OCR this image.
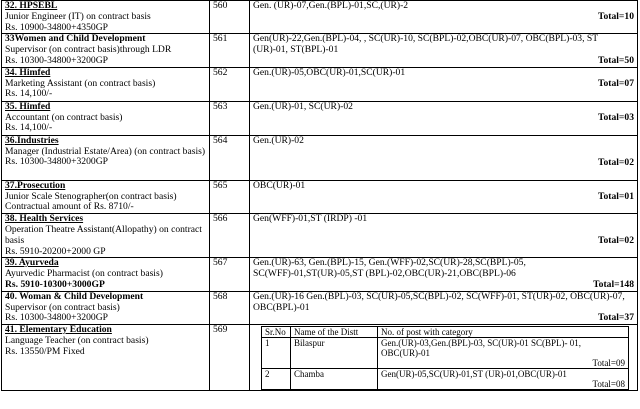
32. HPSEBL
Junior Engineer (IT) on contract basis
Rs. 10900-34800+4350GP
	560	Gen. (UR)-07,Gen.(BPL)-01,SC,(UR)-2
Total=10

33Women and Child Development
Supervisor (on contract basis)through LDR
Rs. 10300-34800+3200GP
	561	Gen(UR)-22,Gen.(BPL)-04, , SC(UR)-10, SC(BPL)-02,OBC(UR)-07, OBC(BPL)-03, ST (UR)-01, ST(BPL)-01
Total=50

34. Himfed
Marketing Assistant (on contract basis)
Rs. 14,100/-
	562	Gen.(UR)-05,OBC(UR)-01,SC(UR)-01
Total=07

35. Himfed
Accountant (on contract basis)
Rs. 14,100/-
	563	Gen.(UR)-01, SC(UR)-02
Total=03

36.Industries
Manager (Industrial Estate/Area) (on contract basis)
Rs. 10300-34800+3200GP
	564	Gen.(UR)-02
Total=02

37.Prosecution
Junior Scale Stenographer(on contract basis)
Contractual amount of Rs. 8710/-
	565	OBC(UR)-01
Total=01

38. Health Services
Operation Theatre Assistant(Allopathy) on contract basis
Rs. 5910-20200+2000 GP
	566	Gen(WFF)-01,ST (IRDP) -01
Total=02

39. Ayurveda
Ayurvedic Pharmacist (on contract basis)
Rs. 5910-10300+3000GP
	567	Gen.(UR)-63, Gen.(BPL)-15, Gen.(WFF)-02,SC(UR)-28,SC(BPL)-05, SC(WFF)-01,ST(UR)-05,ST (BPL)-02,OBC(UR)-21,OBC(BPL)-06
Total=148

40. Woman & Child Development
Supervisor (on contract basis)
Rs. 10300-34800+3200GP
	568	Gen.(UR)-16 Gen.(BPL)-03, SC(UR)-05,SC(BPL)-02, SC(WFF)-01, ST(UR)-02, OBC(UR)-07, OBC(BPL)-01
Total=37

41. Elementary Education
Language Teacher (on contract basis)
Rs. 13550/PM Fixed
	569		Sr.No	Name of the Distt	No. of post with category
1	Bilaspur	Gen.(UR)-03,Gen.(BPL)-03, SC(UR)-01 SC(BPL)- 01, OBC(UR)-01
Total=09

2	Chamba	Gen(UR)-05,SC(UR)-01,ST (UR)-01,OBC(UR)-01
Total=08
